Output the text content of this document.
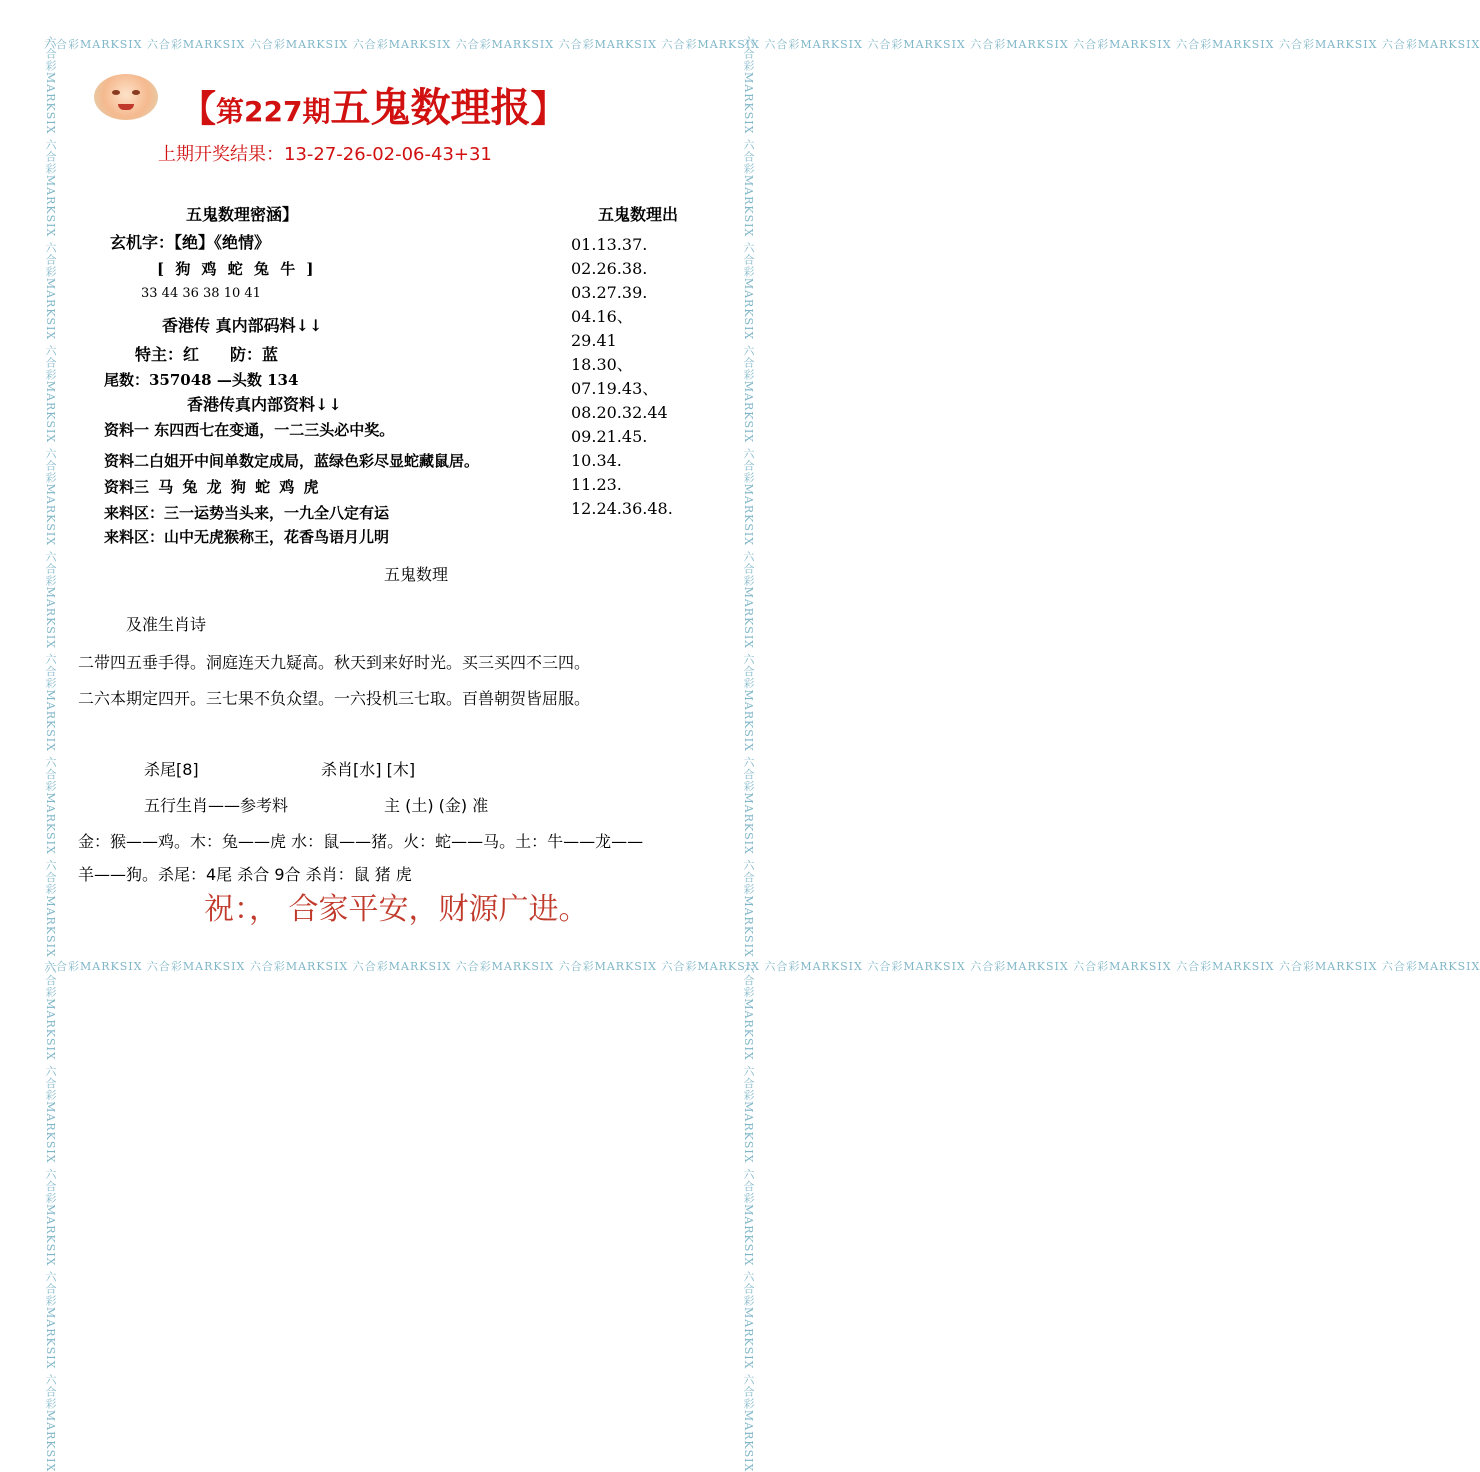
六合彩MARKSIX 六合彩MARKSIX 六合彩MARKSIX 六合彩MARKSIX 六合彩MARKSIX 六合彩MARKSIX 六合彩MARKSIX 六合彩MARKSIX 六合彩MARKSIX 六合彩MARKSIX 六合彩MARKSIX 六合彩MARKSIX 六合彩MARKSIX 六合彩MARKSIX
六合彩MARKSIX 六合彩MARKSIX 六合彩MARKSIX 六合彩MARKSIX 六合彩MARKSIX 六合彩MARKSIX 六合彩MARKSIX 六合彩MARKSIX 六合彩MARKSIX 六合彩MARKSIX 六合彩MARKSIX 六合彩MARKSIX 六合彩MARKSIX 六合彩MARKSIX
六合彩MARKSIX 六合彩MARKSIX 六合彩MARKSIX 六合彩MARKSIX 六合彩MARKSIX 六合彩MARKSIX 六合彩MARKSIX 六合彩MARKSIX 六合彩MARKSIX 六合彩MARKSIX 六合彩MARKSIX 六合彩MARKSIX 六合彩MARKSIX 六合彩MARKSIX	六合彩MARKSIX 六合彩MARKSIX 六合彩MARKSIX 六合彩MARKSIX 六合彩MARKSIX 六合彩MARKSIX 六合彩MARKSIX 六合彩MARKSIX 六合彩MARKSIX 六合彩MARKSIX 六合彩MARKSIX 六合彩MARKSIX 六合彩MARKSIX 六合彩MARKSIX
【第227期五鬼数理报】
上期开奖结果：13-27-26-02-06-43+31
五鬼数理密涵】
玄机字：【绝】《绝情》
[ 狗 鸡 蛇 兔 牛 ]
33 44 36 38 10 41
香港传 真内部码料↓↓
特主：红 防：蓝
尾数：357048 —头数 134
香港传真内部资料↓↓
资料一 东四西七在变通，一二三头必中奖。
资料二白姐开中间单数定成局，蓝绿色彩尽显蛇藏鼠居。
资料三 马 兔 龙 狗 蛇 鸡 虎
来料区：三一运势当头来，一九全八定有运
来料区：山中无虎猴称王，花香鸟语月儿明
五鬼数理出
01.13.37.
02.26.38.
03.27.39.
04.16、
29.41
18.30、
07.19.43、
08.20.32.44
09.21.45.
10.34.
11.23.
12.24.36.48.
五鬼数理
及准生肖诗
二带四五垂手得。洞庭连天九疑高。秋天到来好时光。买三买四不三四。
二六本期定四开。三七果不负众望。一六投机三七取。百兽朝贺皆屈服。
杀尾[8]	杀肖[水] [木]
五行生肖——参考料	主 (土) (金) 准
金：猴——鸡。木：兔——虎 水：鼠——猪。火：蛇——马。土：牛——龙——
羊——狗。杀尾：4尾 杀合 9合 杀肖：鼠 猪 虎
祝：， 合家平安，财源广进。
